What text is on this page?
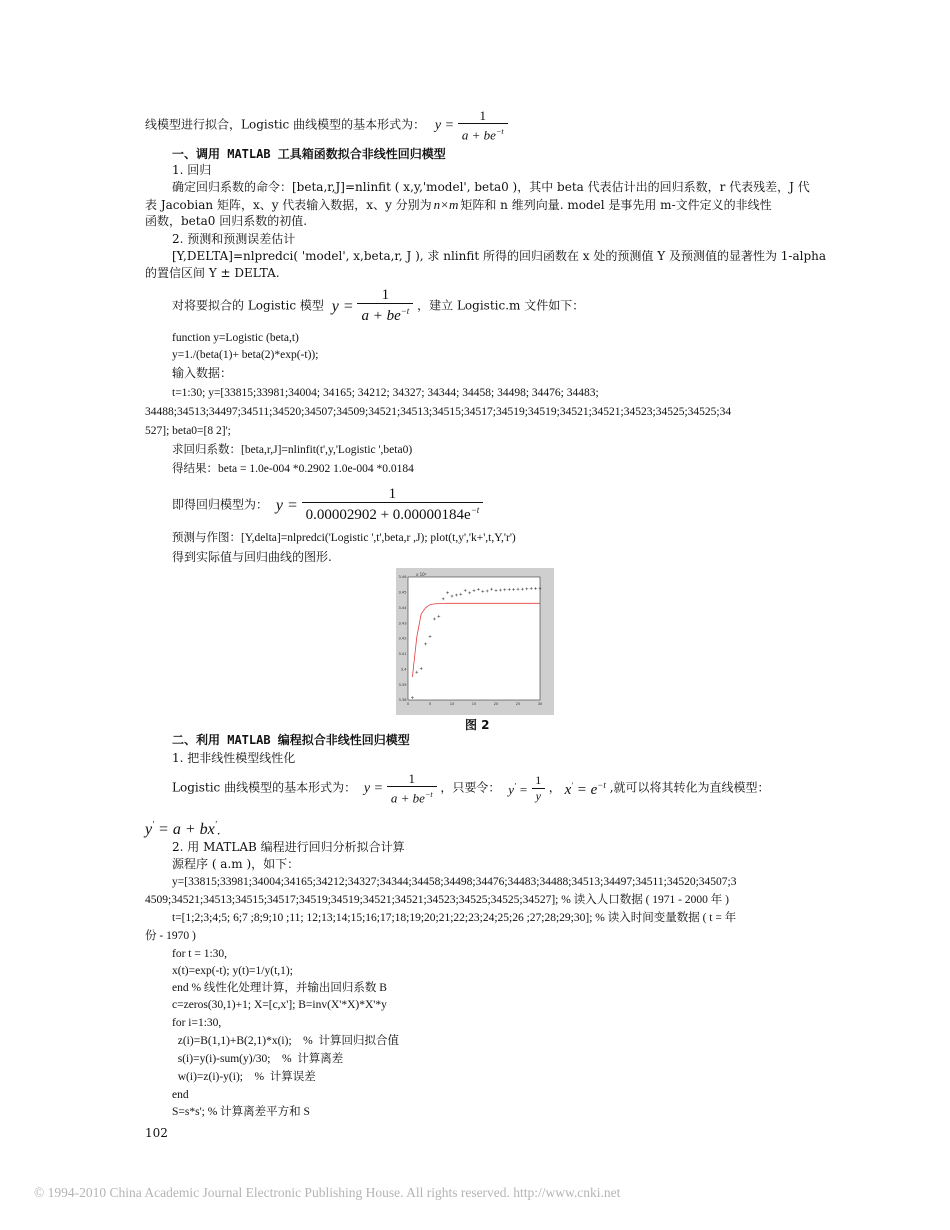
线模型进行拟合，Logistic 曲线模型的基本形式为： $y = \frac{1}{a + be^{-t}}$
一、调用 MATLAB 工具箱函数拟合非线性回归模型
1. 回归
确定回归系数的命令：[beta,r,J]=nlinfit ( x,y,'model', beta0 )，其中 beta 代表估计出的回归系数，r 代表残差，J 代
表 Jacobian 矩阵，x、y 代表输入数据，x、y 分别为 n×m 矩阵和 n 维列向量. model 是事先用 m-文件定义的非线性
函数，beta0 回归系数的初值.
2. 预测和预测误差估计
[Y,DELTA]=nlpredci( 'model', x,beta,r, J ), 求 nlinfit 所得的回归函数在 x 处的预测值 Y 及预测值的显著性为 1-alpha
的置信区间 Y ± DELTA.
对将要拟合的 Logistic 模型 $y = \frac{1}{a + be^{-t}}$ ，建立 Logistic.m 文件如下：
function y=Logistic (beta,t)
y=1./(beta(1)+ beta(2)*exp(-t));
输入数据：
t=1:30; y=[33815;33981;34004; 34165; 34212; 34327; 34344; 34458; 34498; 34476; 34483;
34488;34513;34497;34511;34520;34507;34509;34521;34513;34515;34517;34519;34519;34521;34521;34523;34525;34525;34
527]; beta0=[8 2]';
求回归系数：[beta,r,J]=nlinfit(t',y,'Logistic ',beta0)
得结果：beta = 1.0e-004 *0.2902 1.0e-004 *0.0184
即得回归模型为： $y = \frac{1}{0.00002902 + 0.00000184e^{-t}}$
预测与作图：[Y,delta]=nlpredci('Logistic ',t',beta,r ,J); plot(t,y','k+',t,Y,'r')
得到实际值与回归曲线的图形.
x 10⁴
3.38
3.39
3.4
3.41
3.42
3.43
3.44
3.45
3.46
0	5	10	15	20	25	30
图 2
二、利用 MATLAB 编程拟合非线性回归模型
1. 把非线性模型线性化
Logistic 曲线模型的基本形式为： $y = \frac{1}{a + be^{-t}}$ ，只要令： $y' = \frac{1}{y}$ ， $x' = e^{-t}$ ,就可以将其转化为直线模型：
y' = a + bx'.
2. 用 MATLAB 编程进行回归分析拟合计算
源程序 ( a.m )，如下：
y=[33815;33981;34004;34165;34212;34327;34344;34458;34498;34476;34483;34488;34513;34497;34511;34520;34507;3
4509;34521;34513;34515;34517;34519;34519;34521;34521;34523;34525;34525;34527]; % 读入人口数据 ( 1971 - 2000 年 )
t=[1;2;3;4;5; 6;7 ;8;9;10 ;11; 12;13;14;15;16;17;18;19;20;21;22;23;24;25;26 ;27;28;29;30]; % 读入时间变量数据 ( t = 年
份 - 1970 )
for t = 1:30,
x(t)=exp(-t); y(t)=1/y(t,1);
end % 线性化处理计算，并输出回归系数 B
c=zeros(30,1)+1; X=[c,x']; B=inv(X'*X)*X'*y
for i=1:30,
z(i)=B(1,1)+B(2,1)*x(i);    %  计算回归拟合值
s(i)=y(i)-sum(y)/30;    %  计算离差
w(i)=z(i)-y(i);    %  计算误差
end
S=s*s'; % 计算离差平方和 S
102
© 1994-2010 China Academic Journal Electronic Publishing House. All rights reserved. http://www.cnki.net
